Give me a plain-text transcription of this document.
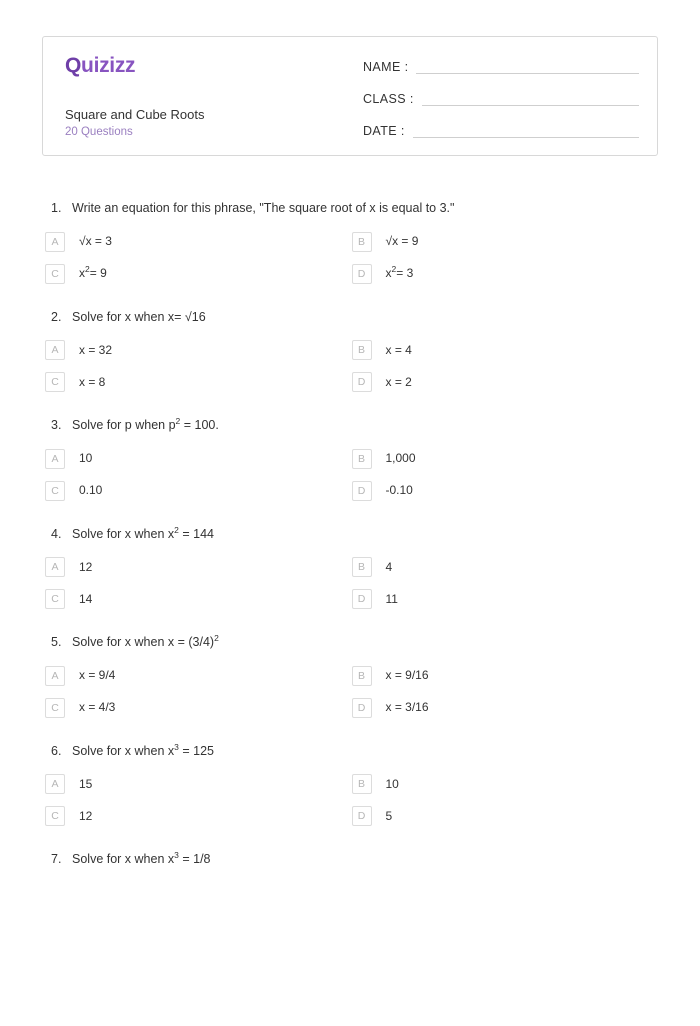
Quizizz
Square and Cube Roots
20 Questions
NAME :
CLASS :
DATE :
1. Write an equation for this phrase, "The square root of x is equal to 3."
A	√x = 3	B	√x = 9
C	$x^2= 9$	D	$x^2= 3$
2. Solve for x when x= √16
A	x = 32	B	x = 4
C	x = 8	D	x = 2
3. Solve for p when $p^2 = 100$.
A	10	B	1,000
C	0.10	D	-0.10
4. Solve for x when $x^2 = 144$
A	12	B	4
C	14	D	11
5. Solve for x when $x = (3/4)^2$
A	x = 9/4	B	x = 9/16
C	x = 4/3	D	x = 3/16
6. Solve for x when $x^3 = 125$
A	15	B	10
C	12	D	5
7. Solve for x when $x^3 = 1/8$
